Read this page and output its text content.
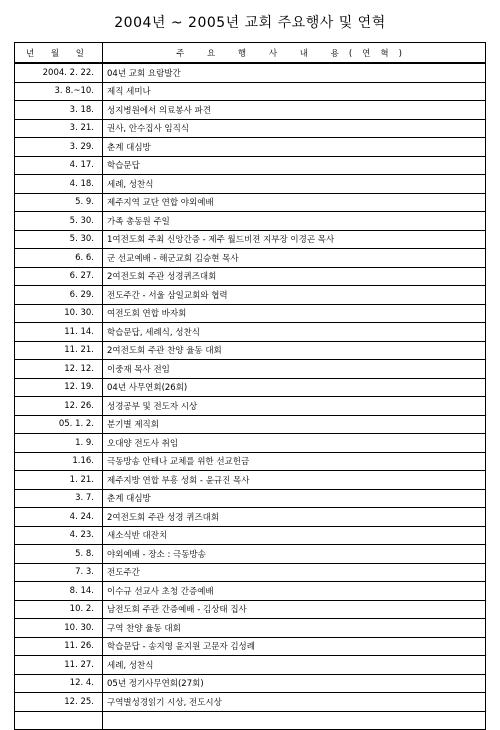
2004년 ~ 2005년 교회 주요행사 및 연혁
년 월 일	주 요 행 사 내 용(연혁)
2004. 2. 22.	04년 교회 요람발간
3. 8.~10.	제직 세미나
3. 18.	성지병원에서 의료봉사 파견
3. 21.	권사, 안수집사 임직식
3. 29.	춘계 대심방
4. 17.	학습문답
4. 18.	세례, 성찬식
5. 9.	제주지역 교단 연합 야외예배
5. 30.	가족 총동원 주일
5. 30.	1여전도회 주최 신앙간증 - 제주 월드비젼 지부장 이경곤 목사
6. 6.	군 선교예배 - 해군교회 김승현 목사
6. 27.	2여전도회 주관 성경퀴즈대회
6. 29.	전도주간 - 서울 삼일교회와 협력
10. 30.	여전도회 연합 바자회
11. 14.	학습문답, 세례식, 성찬식
11. 21.	2여전도회 주관 찬양 율동 대회
12. 12.	이중재 목사 전임
12. 19.	04년 사무연회(26회)
12. 26.	성경공부 및 전도자 시상
05. 1. 2.	분기별 제직회
1. 9.	오대양 전도사 취임
1.16.	극동방송 안테나 교체를 위한 선교헌금
1. 21.	제주지방 연합 부흥 성회 - 윤규진 목사
3. 7.	춘계 대심방
4. 24.	2여전도회 주관 성경 퀴즈대회
4. 23.	새소식반 대잔치
5. 8.	야외예배 - 장소 : 극동방송
7. 3.	전도주간
8. 14.	이수규 선교사 초청 간증예배
10. 2.	남전도회 주관 간증예배 - 김상태 집사
10. 30.	구역 찬양 율동 대회
11. 26.	학습문답 - 송지영 윤지원 고문자 김성례
11. 27.	세례, 성찬식
12. 4.	05년 정기사무연회(27회)
12. 25.	구역별성경읽기 시상, 전도시상
